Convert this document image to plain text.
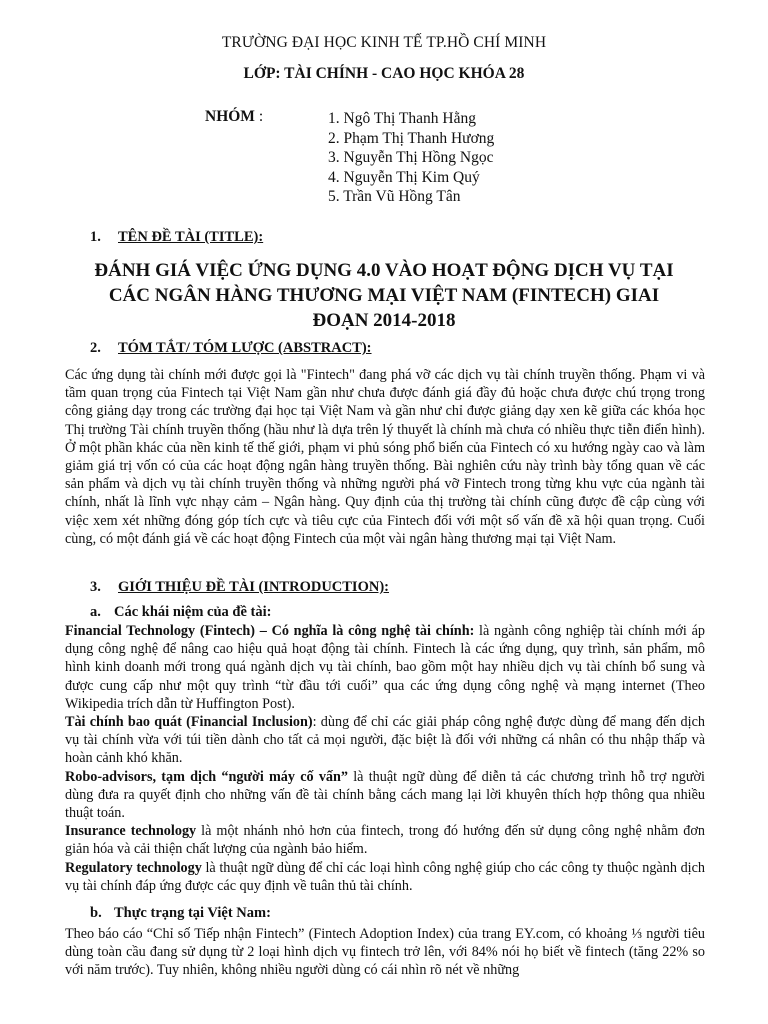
TRƯỜNG ĐẠI HỌC KINH TẾ TP.HỒ CHÍ MINH
LỚP: TÀI CHÍNH - CAO HỌC KHÓA 28
NHÓM :	1. Ngô Thị Thanh Hằng
2. Phạm Thị Thanh Hương
3. Nguyễn Thị Hồng Ngọc
4. Nguyễn Thị Kim Quý
5. Trần Vũ Hồng Tân
1. TÊN ĐỀ TÀI (TITLE):
ĐÁNH GIÁ VIỆC ỨNG DỤNG 4.0 VÀO HOẠT ĐỘNG DỊCH VỤ TẠI
CÁC NGÂN HÀNG THƯƠNG MẠI VIỆT NAM (FINTECH) GIAI
ĐOẠN 2014-2018
2. TÓM TẮT/ TÓM LƯỢC (ABSTRACT):

Các ứng dụng tài chính mới được gọi là "Fintech" đang phá vỡ các dịch vụ tài chính truyền thống. Phạm vi và tầm quan trọng của Fintech tại Việt Nam gần như chưa được đánh giá đầy đủ hoặc chưa được chú trọng trong công giảng dạy trong các trường đại học tại Việt Nam và gần như chỉ được giảng dạy xen kẽ giữa các khóa học Thị trường Tài chính truyền thống (hầu như là dựa trên lý thuyết là chính mà chưa có nhiều thực tiễn điển hình). Ở một phần khác của nền kinh tế thế giới, phạm vi phủ sóng phổ biến của Fintech có xu hướng ngày cao và làm giảm giá trị vốn có của các hoạt động ngân hàng truyền thống. Bài nghiên cứu này trình bày tổng quan về các sản phẩm và dịch vụ tài chính truyền thống và những người phá vỡ Fintech trong từng khu vực của ngành tài chính, nhất là lĩnh vực nhạy cảm – Ngân hàng. Quy định của thị trường tài chính cũng được đề cập cùng với việc xem xét những đóng góp tích cực và tiêu cực của Fintech đối với một số vấn đề xã hội quan trọng. Cuối cùng, có một đánh giá về các hoạt động Fintech của một vài ngân hàng thương mại tại Việt Nam.

3. GIỚI THIỆU ĐỀ TÀI (INTRODUCTION):
a. Các khái niệm của đề tài:

Financial Technology (Fintech) – Có nghĩa là công nghệ tài chính: là ngành công nghiệp tài chính mới áp dụng công nghệ để nâng cao hiệu quả hoạt động tài chính. Fintech là các ứng dụng, quy trình, sản phẩm, mô hình kinh doanh mới trong quá ngành dịch vụ tài chính, bao gồm một hay nhiều dịch vụ tài chính bổ sung và được cung cấp như một quy trình “từ đầu tới cuối” qua các ứng dụng công nghệ và mạng internet (Theo Wikipedia trích dẫn từ Huffington Post).

Tài chính bao quát (Financial Inclusion): dùng để chỉ các giải pháp công nghệ được dùng để mang đến dịch vụ tài chính vừa với túi tiền dành cho tất cả mọi người, đặc biệt là đối với những cá nhân có thu nhập thấp và hoàn cảnh khó khăn.

Robo-advisors, tạm dịch “người máy cố vấn” là thuật ngữ dùng để diễn tả các chương trình hỗ trợ người dùng đưa ra quyết định cho những vấn đề tài chính bằng cách mang lại lời khuyên thích hợp thông qua nhiều thuật toán.

Insurance technology là một nhánh nhỏ hơn của fintech, trong đó hướng đến sử dụng công nghệ nhằm đơn giản hóa và cải thiện chất lượng của ngành bảo hiểm.

Regulatory technology là thuật ngữ dùng để chỉ các loại hình công nghệ giúp cho các công ty thuộc ngành dịch vụ tài chính đáp ứng được các quy định về tuân thủ tài chính.

b. Thực trạng tại Việt Nam:

Theo báo cáo “Chỉ số Tiếp nhận Fintech” (Fintech Adoption Index) của trang EY.com, có khoảng ⅓ người tiêu dùng toàn cầu đang sử dụng từ 2 loại hình dịch vụ fintech trở lên, với 84% nói họ biết về fintech (tăng 22% so với năm trước). Tuy nhiên, không nhiều người dùng có cái nhìn rõ nét về những
